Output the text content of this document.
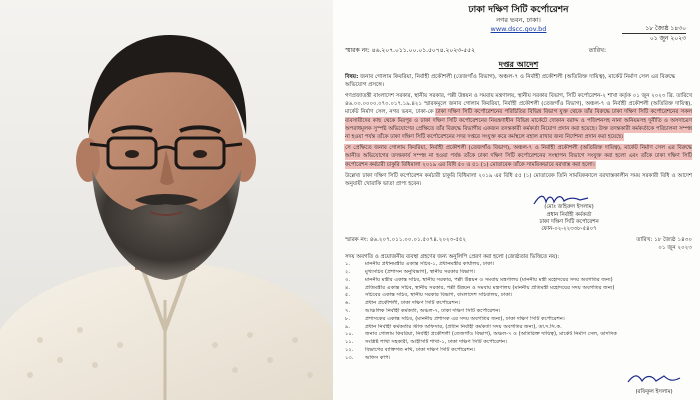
ঢাকা দক্ষিণ সিটি কর্পোরেশন
নগর ভবন, ঢাকা।
www.dscc.gov.bd	১৮ জ্যৈষ্ঠ ১৪৩০
০১ জুন ২০২৩
স্মারক নং: ৪৬.২০৭.০১১.০০.০১.৫০৭৪.২০২৩-৫৫২	তারিখ:
দপ্তর আদেশ
বিষয়: জনাব গোলাম কিবরিয়া, নির্বাহী প্রকৌশলী (তেজগাঁও বিভাগ), অঞ্চল-৭ ও নির্বাহী প্রকৌশলী (অতিরিক্ত দায়িত্ব), মার্কেট নির্মাণ সেল এর বিরুদ্ধে অভিযোগ প্রসঙ্গে।
গণপ্রজাতন্ত্রী বাংলাদেশ সরকার, স্থানীয় সরকার, পল্লী উন্নয়ন ও সমবায় মন্ত্রণালয়, স্থানীয় সরকার বিভাগ, সিটি কর্পোরেশন-২ শাখা কর্তৃক ০১ জুন ২০২৩ খ্রি. তারিখে ৪৬.০০.০০০০.০৭০.০১৭.১৯.৪২১ স্মারকমূলে জনাব গোলাম কিবরিয়া, নির্বাহী প্রকৌশলী (তেজগাঁও বিভাগ), অঞ্চল-৭ ও নির্বাহী প্রকৌশলী (অতিরিক্ত দায়িত্ব), মার্কেট নির্মাণ সেল, নগর ভবন, ঢাকা-কে ঢাকা দক্ষিণ সিটি কর্পোরেশনের পরিচিতির বিভিন্ন বিভাগ যুক্ত থেকে তাঁর বিরুদ্ধে ঢাকা দক্ষিণ সিটি কর্পোরেশনের সকল ব্যবসায়ীদের কাছ থেকে মিরপুর ও ঢাকা দক্ষিণ সিটি কর্পোরেশনের নিয়ন্ত্রণাধীন বিভিন্ন মার্কেটে দোকান বরাদ্দ ও পজিশনসহ নানা অনিয়মসহ দুর্নীতি ও অসদাচরণ অপরাধমূলক সুস্পষ্ট অভিযোগের প্রেক্ষিতে তাঁর বিরুদ্ধে বিভাগীয় একজন তদন্তকারী কর্মকর্তা নিয়োগ প্রদান করা হয়েছে। উক্ত তদন্তকারী কর্মকর্তাকে পরিচালনা সম্পন্ন না হওয়া পর্যন্ত তাঁকে ঢাকা দক্ষিণ সিটি কর্পোরেশনের সদর দপ্তরে সংযুক্ত করে কর্মস্থলে বহাল রাখার জন্য নির্দেশনা প্রদান করা হয়েছে।
সে প্রেক্ষিতে জনাব গোলাম কিবরিয়া, নির্বাহী প্রকৌশলী (তেজগাঁও বিভাগ), অঞ্চল-৭ ও নির্বাহী প্রকৌশলী (অতিরিক্ত দায়িত্ব), মার্কেট নির্মাণ সেল এর বিরুদ্ধে আনীত অভিযোগের তদন্তকার্য সম্পন্ন না হওয়া পর্যন্ত তাঁকে ঢাকা দক্ষিণ সিটি কর্পোরেশনের সংস্থাপন বিভাগে সংযুক্ত করা হলো এবং তাঁকে ঢাকা দক্ষিণ সিটি কর্পোরেশন কর্মচারী চাকুরি বিধিমালা ২০১৯ এর বিধি ৫০ ও ৫১ (১) মোতাবেক তাঁকে সাময়িকভাবে বরখাস্ত করা হলো।
উল্লেখ্য ঢাকা দক্ষিণ সিটি কর্পোরেশন কর্মচারী চাকুরি বিধিমালা ২০১৯ এর বিধি ৫৫ (১) মোতাবেক তিনি সাময়িককালে বরখাস্তকালীন সময় সরকারী বিধি ও আদেশ অনুযায়ী খোরাকি ভাতা প্রাপ্য হবেন।
(মোঃ জহিরুল ইসলাম)
প্রধান নির্বাহী কর্মকর্তা
ঢাকা দক্ষিণ সিটি কর্পোরেশন
ফোন-০২-২২৩৩৮-৫৪০৭
স্মারক নং: ৪৬.২০৭.০১১.০০.০১.৫০৭৪.২০২৩-৫৫২	তারিখ: ১৮ জ্যৈষ্ঠ ১৪৩০
০১ জুন ২০২৩
সদয় অবগতি ও প্রয়োজনীয় ব্যবস্থা গ্রহণের জন্য অনুলিপি প্রেরণ করা হলো (জ্যেষ্ঠতার ভিত্তিতে নয়):
১.	মাননীয় প্রধানমন্ত্রীর একান্ত সচিব-১, প্রধানমন্ত্রীর কার্যালয়, ঢাকা।
২.	মুখ্যসচিব (প্রশাসন অনুবিভাগ), স্থানীয় সরকার বিভাগ।
৩.	মাননীয় মন্ত্রীর একান্ত সচিব, স্থানীয় সরকার, পল্লী উন্নয়ন ও সমবায় মন্ত্রণালয় (মাননীয় মন্ত্রী মহোদয়ের সদয় অবগতির জন্য)
৪.	প্রতিমন্ত্রীর একান্ত সচিব, স্থানীয় সরকার, পল্লী উন্নয়ন ও সমবায় মন্ত্রণালয় (মাননীয় প্রতিমন্ত্রী মহোদয়ের সদয় অবগতির জন্য)
৫.	সচিবের একান্ত সচিব, স্থানীয় সরকার বিভাগ, বাংলাদেশ সচিবালয়, ঢাকা।
৬.	প্রধান প্রকৌশলী, ঢাকা দক্ষিণ সিটি কর্পোরেশন।
৭.	আঞ্চলিক নির্বাহী কর্মকর্তা, অঞ্চল-৭, ঢাকা দক্ষিণ সিটি কর্পোরেশন।
৮.	প্রশাসকের একান্ত সচিব, (মাননীয় প্রশাসক এর সদয় অবগতির জন্য), ঢাকা দক্ষিণ সিটি কর্পোরেশন।
৯.	প্রধান নির্বাহী কর্মকর্তার স্টাফ অফিসার, (প্রধান নির্বাহী কর্মকর্তা সদয় অবগতির জন্য), ডা.দ.সি.ক.
১০.	জনাব গোলাম কিবরিয়া, নির্বাহী প্রকৌশলী (তেজগাঁও বিভাগ), অঞ্চল-৭ ও (অতিরিক্ত দায়িত্ব), মার্কেট নির্মাণ সেল, ডাদসিক
১১.	সংশ্লিষ্ট শাখা সহকারী, আইসিটি শাখা-১, ঢাকা দক্ষিণ সিটি কর্পোরেশন।
১২.	বিভাগের ব্যক্তিগত নথি, ঢাকা দক্ষিণ সিটি কর্পোরেশন।
১৩.	অফিস কপি।
(রফিকুল ইসলাম)
